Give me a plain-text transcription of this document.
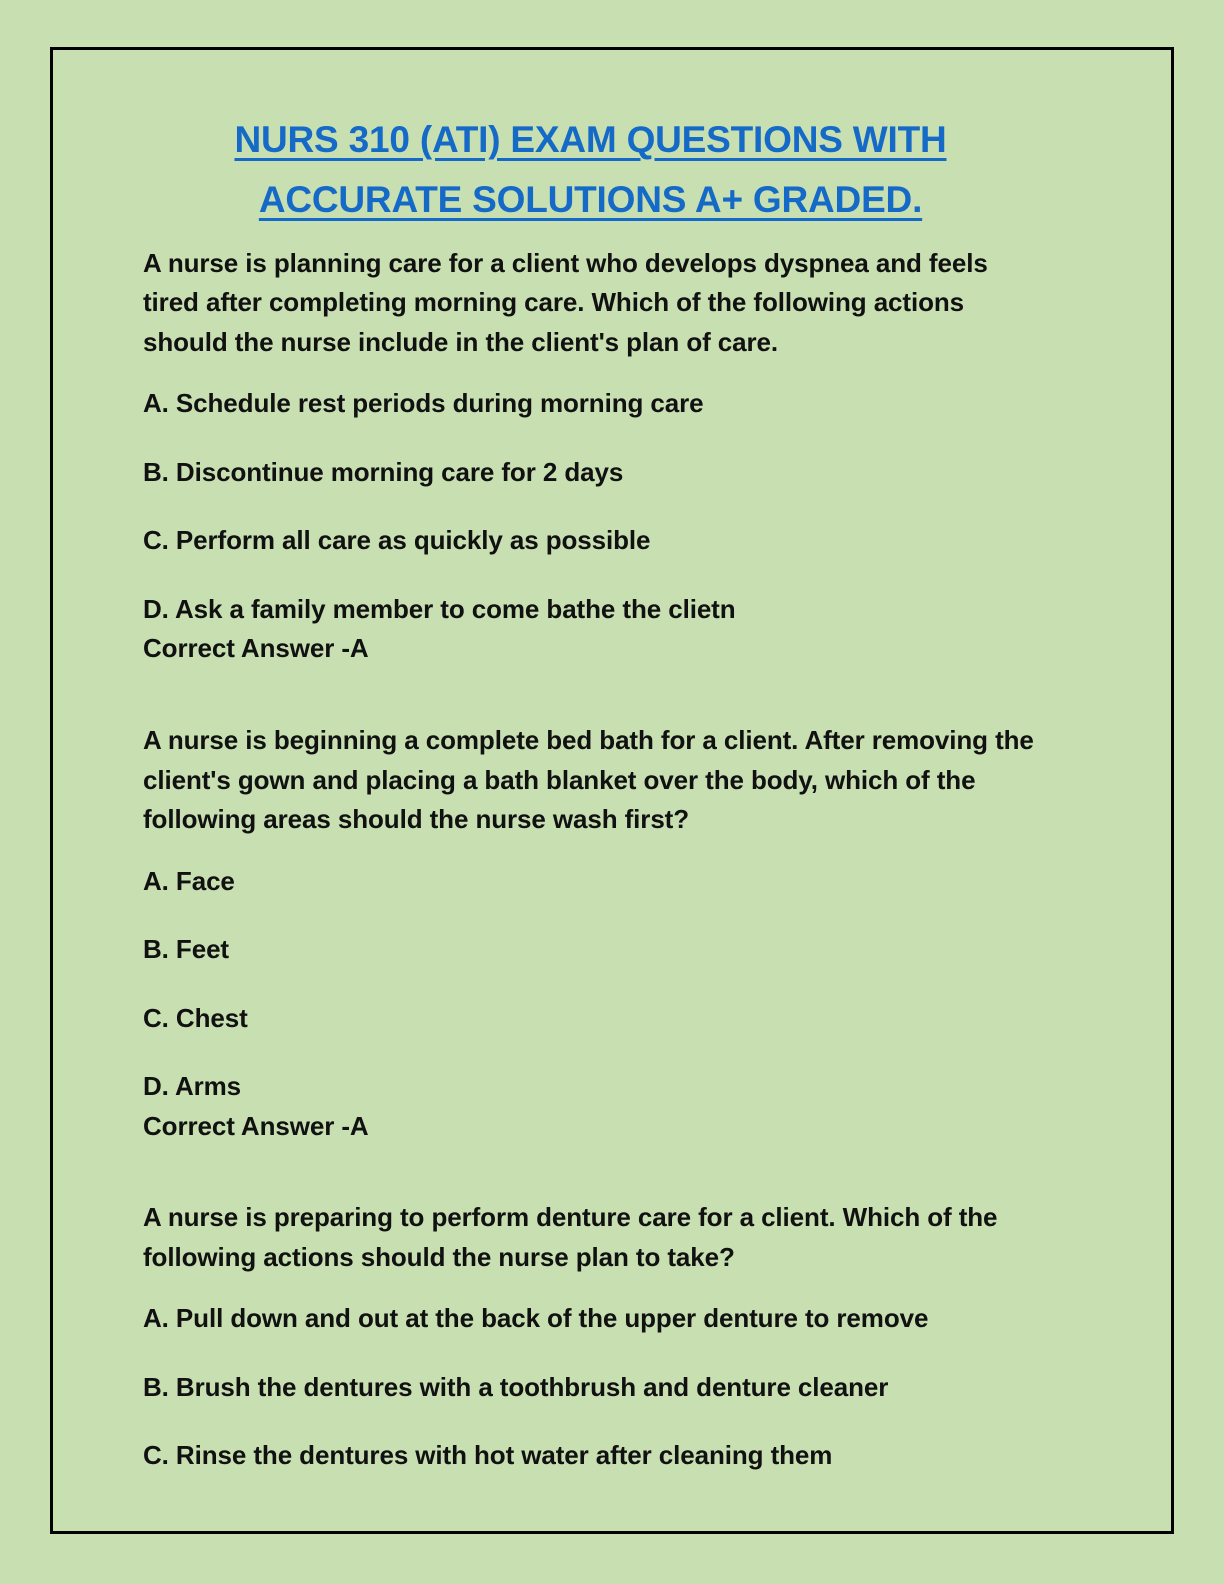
NURS 310 (ATI) EXAM QUESTIONS WITH
ACCURATE SOLUTIONS A+ GRADED.

A nurse is planning care for a client who develops dyspnea and feels tired after completing morning care. Which of the following actions should the nurse include in the client's plan of care.

A. Schedule rest periods during morning care

B. Discontinue morning care for 2 days

C. Perform all care as quickly as possible

D. Ask a family member to come bathe the clietn

Correct Answer -A

A nurse is beginning a complete bed bath for a client. After removing the client's gown and placing a bath blanket over the body, which of the following areas should the nurse wash first?

A. Face

B. Feet

C. Chest

D. Arms

Correct Answer -A

A nurse is preparing to perform denture care for a client. Which of the following actions should the nurse plan to take?

A. Pull down and out at the back of the upper denture to remove

B. Brush the dentures with a toothbrush and denture cleaner

C. Rinse the dentures with hot water after cleaning them
